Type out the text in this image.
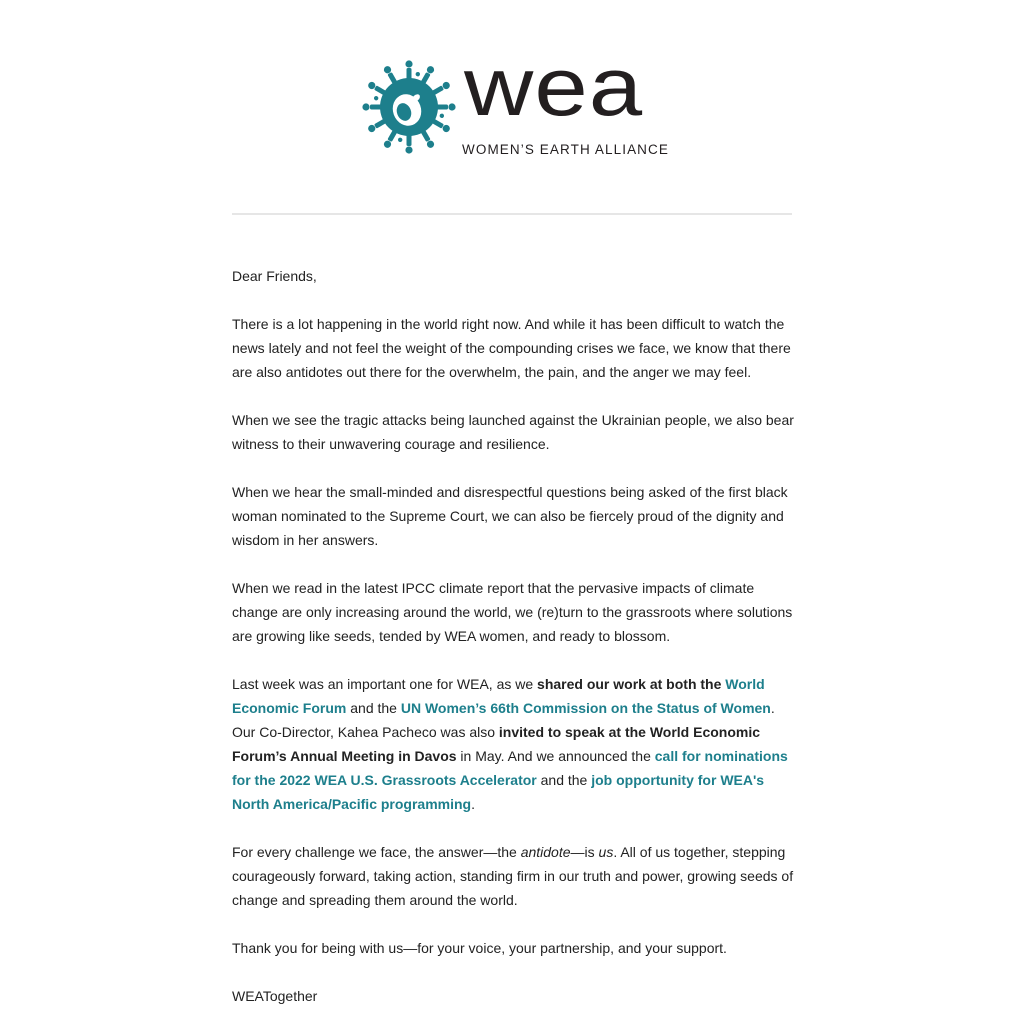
wea
WOMEN’S EARTH ALLIANCE

Dear Friends,

There is a lot happening in the world right now. And while it has been difficult to watch the news lately and not feel the weight of the compounding crises we face, we know that there are also antidotes out there for the overwhelm, the pain, and the anger we may feel.

When we see the tragic attacks being launched against the Ukrainian people, we also bear witness to their unwavering courage and resilience.

When we hear the small-minded and disrespectful questions being asked of the first black woman nominated to the Supreme Court, we can also be fiercely proud of the dignity and wisdom in her answers.

When we read in the latest IPCC climate report that the pervasive impacts of climate change are only increasing around the world, we (re)turn to the grassroots where solutions are growing like seeds, tended by WEA women, and ready to blossom.

Last week was an important one for WEA, as we shared our work at both the World Economic Forum and the UN Women’s 66th Commission on the Status of Women. Our Co-Director, Kahea Pacheco was also invited to speak at the World Economic Forum’s Annual Meeting in Davos in May. And we announced the call for nominations for the 2022 WEA U.S. Grassroots Accelerator and the job opportunity for WEA's North America/Pacific programming.

For every challenge we face, the answer—the antidote—is us. All of us together, stepping courageously forward, taking action, standing firm in our truth and power, growing seeds of change and spreading them around the world.

Thank you for being with us—for your voice, your partnership, and your support.

WEATogether
